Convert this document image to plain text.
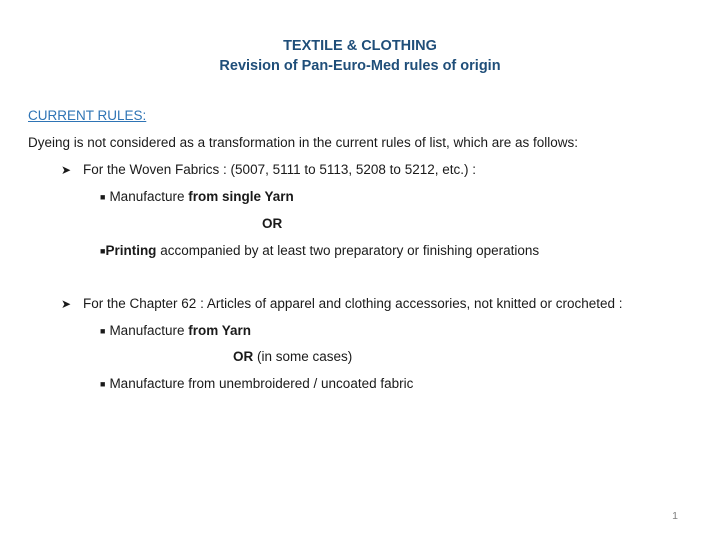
TEXTILE & CLOTHING
Revision of Pan-Euro-Med rules of origin
CURRENT RULES:
Dyeing is not considered as a transformation in the current rules of list, which are as follows:
➤ For the Woven Fabrics : (5007, 5111 to 5113, 5208 to 5212, etc.) :
■ Manufacture from single Yarn
OR
■Printing accompanied by at least two preparatory or finishing operations
➤ For the Chapter 62 : Articles of apparel and clothing accessories, not knitted or crocheted :
■ Manufacture from Yarn
OR (in some cases)
■ Manufacture from unembroidered / uncoated fabric
1
